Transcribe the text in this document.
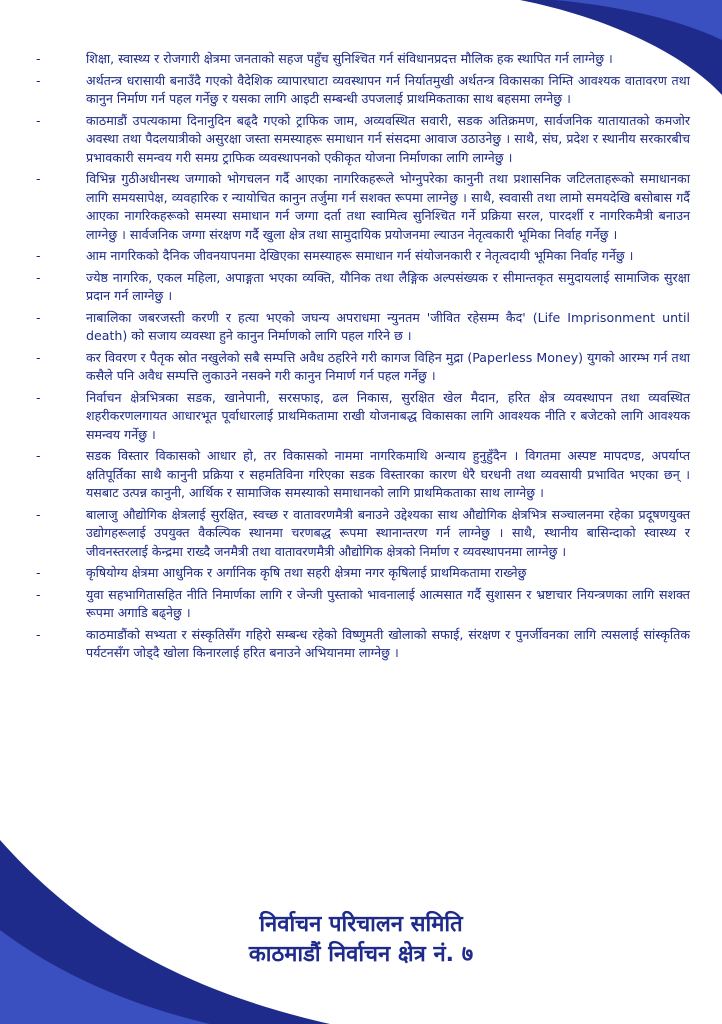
-	शिक्षा, स्वास्थ्य र रोजगारी क्षेत्रमा जनताको सहज पहुँच सुनिश्चित गर्न संविधानप्रदत्त मौलिक हक स्थापित गर्न लाग्नेछु ।
-	अर्थतन्त्र धरासायी बनाउँदै गएको वैदेशिक व्यापारघाटा व्यवस्थापन गर्न निर्यातमुखी अर्थतन्त्र विकासका निम्ति आवश्यक वातावरण तथा कानुन निर्माण गर्न पहल गर्नेछु र यसका लागि आइटी सम्बन्धी उपजलाई प्राथमिकताका साथ बहसमा लग्नेछु ।
-	काठमाडौं उपत्यकामा दिनानुदिन बढ्दै गएको ट्राफिक जाम, अव्यवस्थित सवारी, सडक अतिक्रमण, सार्वजनिक यातायातको कमजोर अवस्था तथा पैदलयात्रीको असुरक्षा जस्ता समस्याहरू समाधान गर्न संसदमा आवाज उठाउनेछु । साथै, संघ, प्रदेश र स्थानीय सरकारबीच प्रभावकारी समन्वय गरी समग्र ट्राफिक व्यवस्थापनको एकीकृत योजना निर्माणका लागि लाग्नेछु ।
-	विभिन्न गुठीअधीनस्थ जग्गाको भोगचलन गर्दै आएका नागरिकहरूले भोग्नुपरेका कानुनी तथा प्रशासनिक जटिलताहरूको समाधानका लागि समयसापेक्ष, व्यवहारिक र न्यायोचित कानुन तर्जुमा गर्न सशक्त रूपमा लाग्नेछु । साथै, स्ववासी तथा लामो समयदेखि बसोबास गर्दै आएका नागरिकहरूको समस्या समाधान गर्न जग्गा दर्ता तथा स्वामित्व सुनिश्चित गर्ने प्रक्रिया सरल, पारदर्शी र नागरिकमैत्री बनाउन लाग्नेछु । सार्वजनिक जग्गा संरक्षण गर्दै खुला क्षेत्र तथा सामुदायिक प्रयोजनमा ल्याउन नेतृत्वकारी भूमिका निर्वाह गर्नेछु ।
-	आम नागरिकको दैनिक जीवनयापनमा देखिएका समस्याहरू समाधान गर्न संयोजनकारी र नेतृत्वदायी भूमिका निर्वाह गर्नेछु ।
-	ज्येष्ठ नागरिक, एकल महिला, अपाङ्गता भएका व्यक्ति, यौनिक तथा लैङ्गिक अल्पसंख्यक र सीमान्तकृत समुदायलाई सामाजिक सुरक्षा प्रदान गर्न लाग्नेछु ।
-	नाबालिका जबरजस्ती करणी र हत्या भएको जघन्य अपराधमा न्युनतम 'जीवित रहेसम्म कैद' (Life Imprisonment until death) को सजाय व्यवस्था हुने कानुन निर्माणको लागि पहल गरिने छ ।
-	कर विवरण र पैतृक स्रोत नखुलेको सबै सम्पत्ति अवैध ठहरिने गरी कागज विहिन मुद्रा (Paperless Money) युगको आरम्भ गर्न तथा कसैले पनि अवैध सम्पत्ति लुकाउने नसक्ने गरी कानुन निमार्ण गर्न पहल गर्नेछु ।
-	निर्वाचन क्षेत्रभित्रका सडक, खानेपानी, सरसफाइ, ढल निकास, सुरक्षित खेल मैदान, हरित क्षेत्र व्यवस्थापन तथा व्यवस्थित शहरीकरणलगायत आधारभूत पूर्वाधारलाई प्राथमिकतामा राखी योजनाबद्ध विकासका लागि आवश्यक नीति र बजेटको लागि आवश्यक समन्वय गर्नेछु ।
-	सडक विस्तार विकासको आधार हो, तर विकासको नाममा नागरिकमाथि अन्याय हुनुहुँदैन । विगतमा अस्पष्ट मापदण्ड, अपर्याप्त क्षतिपूर्तिका साथै कानुनी प्रक्रिया र सहमतिविना गरिएका सडक विस्तारका कारण धेरै घरधनी तथा व्यवसायी प्रभावित भएका छन् । यसबाट उत्पन्न कानुनी, आर्थिक र सामाजिक समस्याको समाधानको लागि प्राथमिकताका साथ लाग्नेछु ।
-	बालाजु औद्योगिक क्षेत्रलाई सुरक्षित, स्वच्छ र वातावरणमैत्री बनाउने उद्देश्यका साथ औद्योगिक क्षेत्रभित्र सञ्चालनमा रहेका प्रदूषणयुक्त उद्योगहरूलाई उपयुक्त वैकल्पिक स्थानमा चरणबद्ध रूपमा स्थानान्तरण गर्न लाग्नेछु । साथै, स्थानीय बासिन्दाको स्वास्थ्य र जीवनस्तरलाई केन्द्रमा राख्दै जनमैत्री तथा वातावरणमैत्री औद्योगिक क्षेत्रको निर्माण र व्यवस्थापनमा लाग्नेछु ।
-	कृषियोग्य क्षेत्रमा आधुनिक र अर्गानिक कृषि तथा सहरी क्षेत्रमा नगर कृषिलाई प्राथमिकतामा राख्नेछु
-	युवा सहभागितासहित नीति निमार्णका लागि र जेन्जी पुस्ताको भावनालाई आत्मसात गर्दै सुशासन र भ्रष्टाचार नियन्त्रणका लागि सशक्त रूपमा अगाडि बढ्नेछु ।
-	काठमाडौंको सभ्यता र संस्कृतिसँग गहिरो सम्बन्ध रहेको विष्णुमती खोलाको सफाई, संरक्षण र पुनर्जीवनका लागि त्यसलाई सांस्कृतिक पर्यटनसँग जोड्दै खोला किनारलाई हरित बनाउने अभियानमा लाग्नेछु ।
निर्वाचन परिचालन समिति
काठमाडौं निर्वाचन क्षेत्र नं. ७
